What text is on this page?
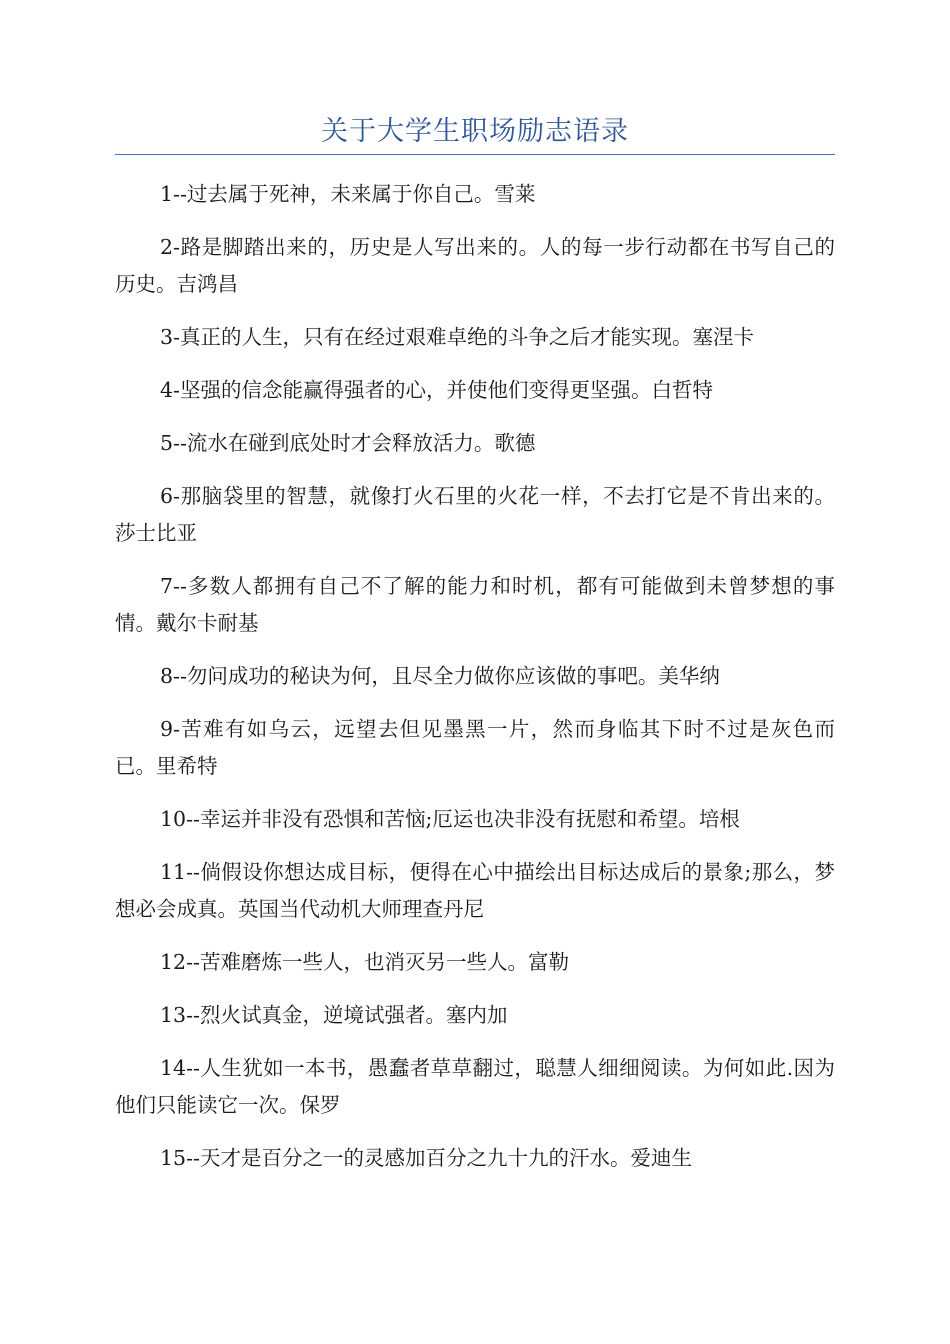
关于大学生职场励志语录

1--过去属于死神，未来属于你自己。雪莱

2-路是脚踏出来的，历史是人写出来的。人的每一步行动都在书写自己的历史。吉鸿昌

3-真正的人生，只有在经过艰难卓绝的斗争之后才能实现。塞涅卡

4-坚强的信念能赢得强者的心，并使他们变得更坚强。白哲特

5--流水在碰到底处时才会释放活力。歌德

6-那脑袋里的智慧，就像打火石里的火花一样，不去打它是不肯出来的。莎士比亚

7--多数人都拥有自己不了解的能力和时机，都有可能做到未曾梦想的事情。戴尔卡耐基

8--勿问成功的秘诀为何，且尽全力做你应该做的事吧。美华纳

9-苦难有如乌云，远望去但见墨黑一片，然而身临其下时不过是灰色而已。里希特

10--幸运并非没有恐惧和苦恼;厄运也决非没有抚慰和希望。培根

11--倘假设你想达成目标，便得在心中描绘出目标达成后的景象;那么，梦想必会成真。英国当代动机大师理查丹尼

12--苦难磨炼一些人，也消灭另一些人。富勒

13--烈火试真金，逆境试强者。塞内加

14--人生犹如一本书，愚蠢者草草翻过，聪慧人细细阅读。为何如此.因为他们只能读它一次。保罗

15--天才是百分之一的灵感加百分之九十九的汗水。爱迪生
